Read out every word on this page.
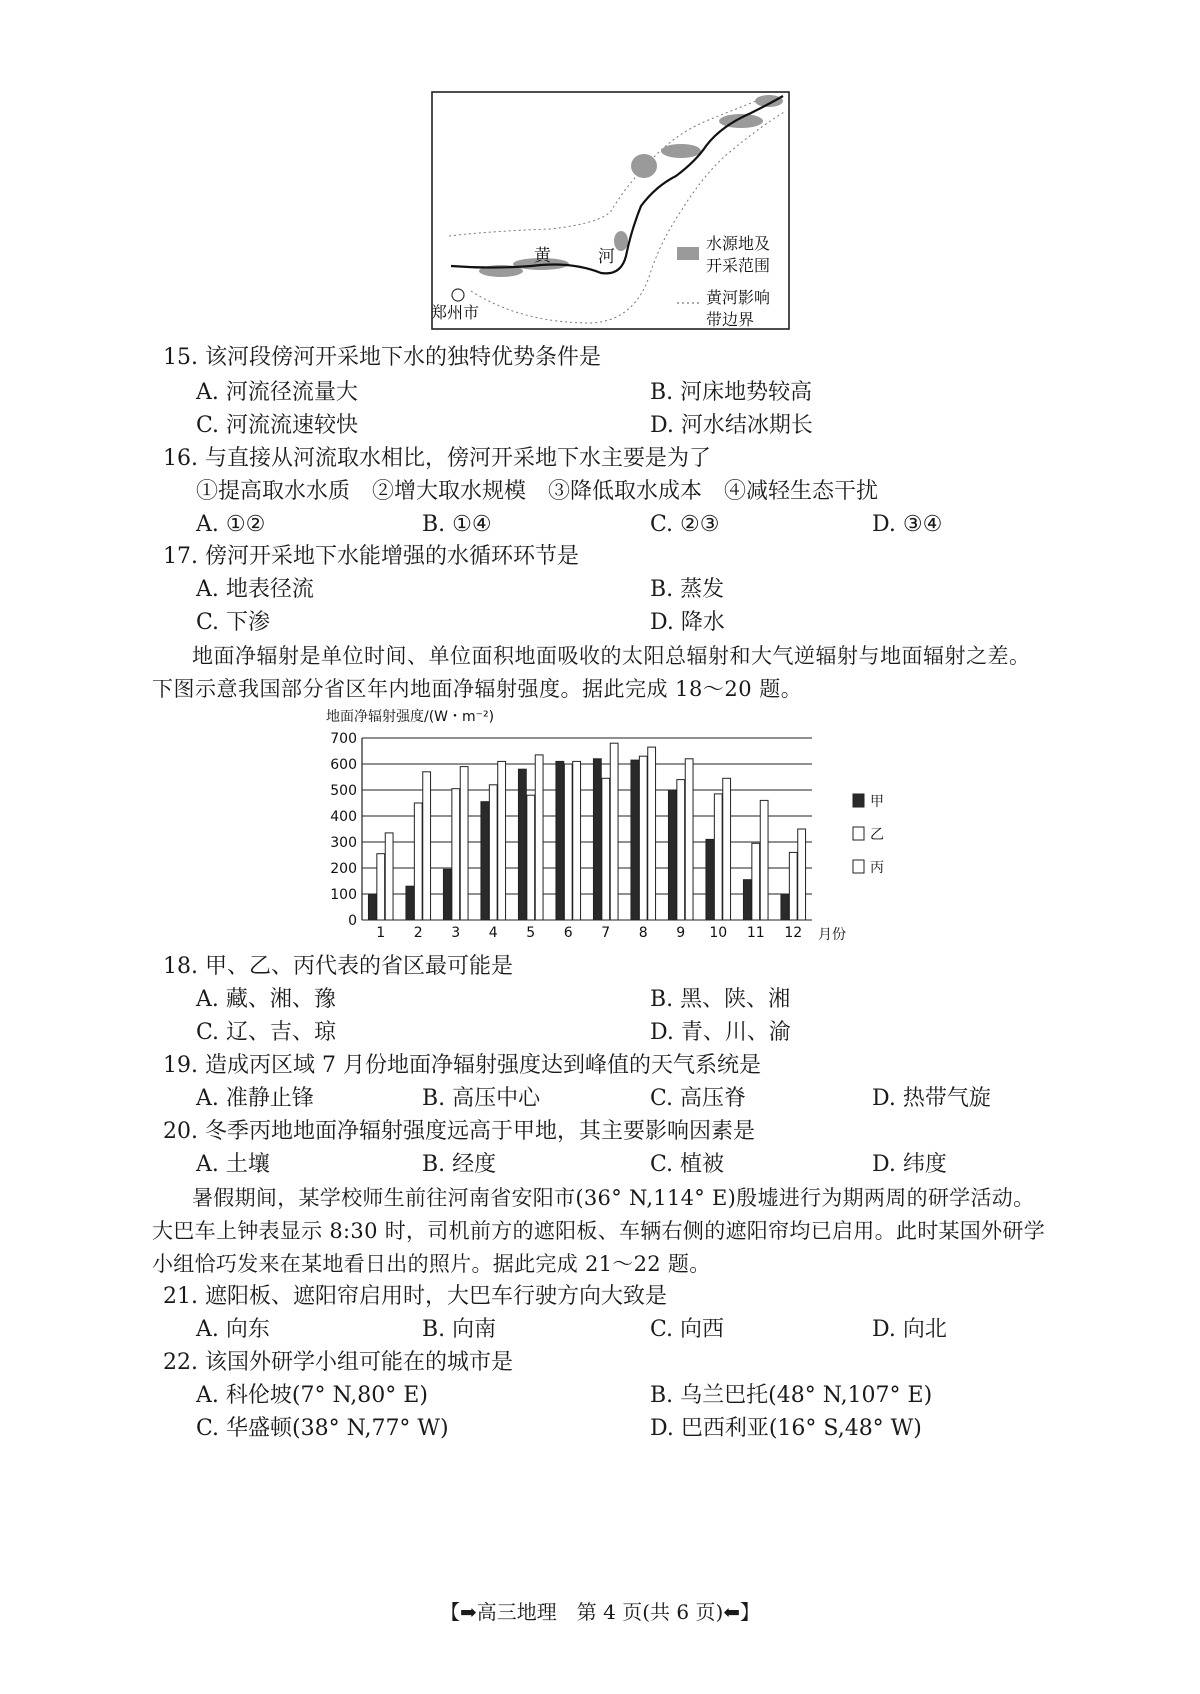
黄	河
郑州市
水源地及
开采范围
黄河影响
带边界
15. 该河段傍河开采地下水的独特优势条件是
A. 河流径流量大	B. 河床地势较高
C. 河流流速较快	D. 河水结冰期长
16. 与直接从河流取水相比，傍河开采地下水主要是为了
①提高取水水质　②增大取水规模　③降低取水成本　④减轻生态干扰
A. ①②	B. ①④	C. ②③	D. ③④
17. 傍河开采地下水能增强的水循环环节是
A. 地表径流	B. 蒸发
C. 下渗	D. 降水
地面净辐射是单位时间、单位面积地面吸收的太阳总辐射和大气逆辐射与地面辐射之差。
下图示意我国部分省区年内地面净辐射强度。据此完成 18～20 题。
地面净辐射强度/(W・m⁻²)
0
100
200
300
400
500
600
700
1 2 3 4 5 6 7 8 9 10 11 12 月份
甲
乙
丙
18. 甲、乙、丙代表的省区最可能是
A. 藏、湘、豫	B. 黑、陕、湘
C. 辽、吉、琼	D. 青、川、渝
19. 造成丙区域 7 月份地面净辐射强度达到峰值的天气系统是
A. 准静止锋	B. 高压中心	C. 高压脊	D. 热带气旋
20. 冬季丙地地面净辐射强度远高于甲地，其主要影响因素是
A. 土壤	B. 经度	C. 植被	D. 纬度
暑假期间，某学校师生前往河南省安阳市(36° N,114° E)殷墟进行为期两周的研学活动。
大巴车上钟表显示 8:30 时，司机前方的遮阳板、车辆右侧的遮阳帘均已启用。此时某国外研学
小组恰巧发来在某地看日出的照片。据此完成 21～22 题。
21. 遮阳板、遮阳帘启用时，大巴车行驶方向大致是
A. 向东	B. 向南	C. 向西	D. 向北
22. 该国外研学小组可能在的城市是
A. 科伦坡(7° N,80° E)	B. 乌兰巴托(48° N,107° E)
C. 华盛顿(38° N,77° W)	D. 巴西利亚(16° S,48° W)
【➡高三地理　第 4 页(共 6 页)⬅】
